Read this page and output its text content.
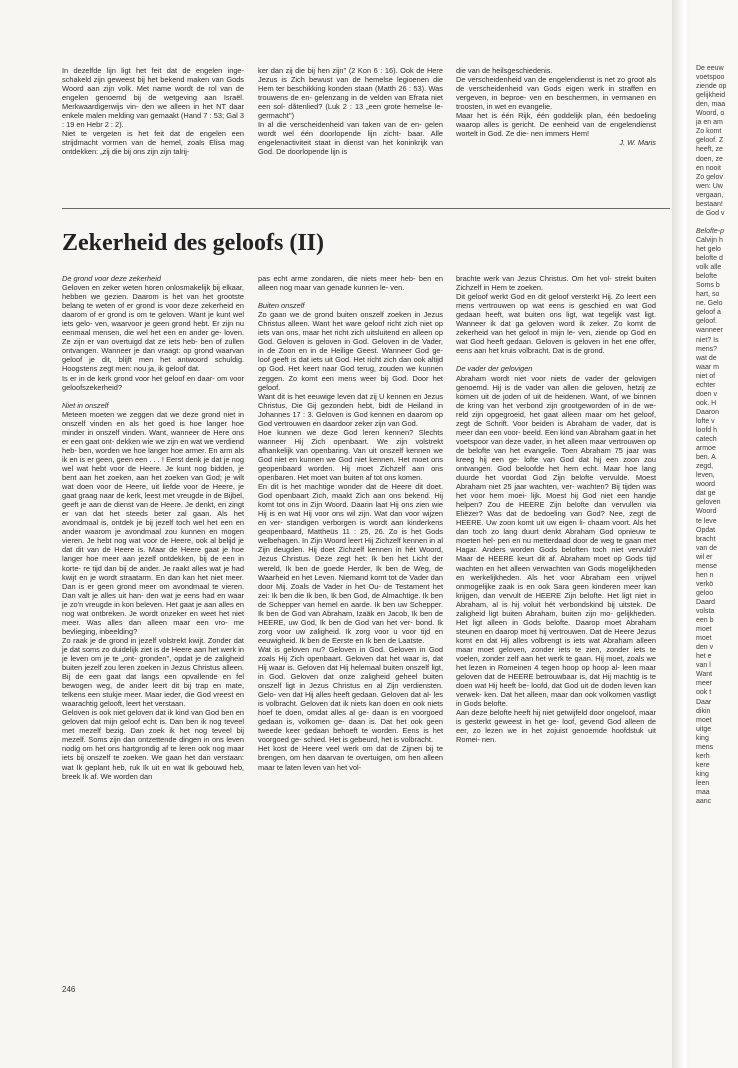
In dezelfde lijn ligt het feit dat de engelen inge- schakeld zijn geweest bij het bekend maken van Gods Woord aan zijn volk. Met name wordt de rol van de engelen genoemd bij de wetgeving aan Israël. Merkwaardigerwijs vin- den we alleen in het NT daar enkele malen melding van gemaakt (Hand 7 : 53; Gal 3 : 19 en Hebr 2 : 2).

Niet te vergeten is het feit dat de engelen een strijdmacht vormen van de hemel, zoals Elisa mag ontdekken: „zij die bij ons zijn zijn talrij-

ker dan zij die bij hen zijn'' (2 Kon 6 : 16). Ook de Here Jezus is Zich bewust van de hemelse legioenen die Hem ter beschikking konden staan (Matth 26 : 53). Was trouwens de en- gelenzang in de velden van Efrata niet een sol- dătenlied? (Luk 2 : 13 „een grote hemelse le- germacht'')

In al die verscheidenheid van taken van de en- gelen wordt wel één doorlopende lijn zicht- baar. Alle engelenactiviteit staat in dienst van het koninkrijk van God. De doorlopende lijn is

die van de heilsgeschiedenis.

De verscheidenheid van de engelendienst is net zo groot als de verscheidenheid van Gods eigen werk in straffen en vergeven, in beproe- ven en beschermen, in vermanen en troosten, in wet en evangelie.

Maar het is één Rijk, één goddelijk plan, één bedoeling waarop alles is gericht. De eenheid van de engelendienst wortelt in God. Ze die- nen immers Hem!

J. W. Maris

Zekerheid des geloofs (II)

De grond voor deze zekerheid

Geloven en zeker weten horen onlosmakelijk bij elkaar, hebben we gezien. Daarom is het van het grootste belang te weten of er grond is voor deze zekerheid en daarom of er grond is om te geloven. Want je kunt wel iets gelo- ven, waarvoor je geen grond hebt. Er zijn nu eenmaal mensen, die wel het een en ander ge- loven. Ze zijn er van overtuigd dat ze iets heb- ben of zullen ontvangen. Wanneer je dan vraagt: op grond waarvan geloof je dit, blijft men het antwoord schuldig. Hoogstens zegt men: nou ja, ik geloof dat.

Is er in de kerk grond voor het geloof en daar- om voor geloofszekerheid?

Niet in onszelf

Meteen moeten we zeggen dat we deze grond niet in onszelf vinden en als het goed is hoe langer hoe minder in onszelf vinden. Want, wanneer de Here ons er een gaat ont- dekken wie we zijn en wat we verdiend heb- ben, worden we hoe langer hoe armer. En arm als ik en is er geen, geen een . . . ! Eerst denk je dat je nog wel wat hebt voor de Heere. Je kunt nog bidden, je bent aan het zoeken, aan het zoeken van God; je wilt wat doen voor de Heere, uit liefde voor de Heere, je gaat graag naar de kerk, leest met vreugde in de Bijbel, geeft je aan de dienst van de Heere. Je denkt, en zingt er van dat het steeds beter zal gaan. Als het avondmaal is, ontdek je bij jezelf toch wel het een en ander waarom je avondmaal zou kunnen en mogen vieren. Je hebt nog wat voor de Heere, ook al belijd je dat dit van de Heere is. Maar de Heere gaat je hoe langer hoe meer aan jezelf ontdekken, bij de een in korte- re tijd dan bij de ander. Je raakt alles wat je had kwijt en je wordt straatarm. En dan kan het niet meer. Dan is er geen grond meer om avondmaal te vieren. Dan valt je alles uit han- den wat je eens had en waar je zo'n vreugde in kon beleven. Het gaat je aan alles en nog wat ontbreken. Je wordt onzeker en weet het niet meer. Was alles dan alleen maar een vro- me bevlieging, inbeelding?

Zo raak je de grond in jezelf volstrekt kwijt. Zonder dat je dat soms zo duidelijk ziet is de Heere aan het werk in je leven om je te „ont- gronden'', opdat je de zaligheid buiten jezelf zou leren zoeken in Jezus Christus alleen. Bij de een gaat dat langs een opvallende en fel bewogen weg, de ander leert dit bij trap en mate, telkens een stukje meer. Maar ieder, die God vreest en waarachtig gelooft, leert het verstaan.

Geloven is ook niet geloven dat ik kind van God ben en geloven dat mijn geloof echt is. Dan ben ik nog teveel met mezelf bezig. Dan zoek ik het nog teveel bij mezelf. Soms zijn dan ontzettende dingen in ons leven nodig om het ons hartgrondig af te leren ook nog maar iets bij onszelf te zoeken. We gaan het dan verstaan: wat Ik geplant heb, ruk Ik uit en wat Ik gebouwd heb, breek Ik af. We worden dan

pas echt arme zondaren, die niets meer heb- ben en alleen nog maar van genade kunnen le- ven.

Buiten onszelf

Zo gaan we de grond buiten onszelf zoeken in Jezus Christus alleen. Want het ware geloof richt zich niet op iets van ons, maar het richt zich uitsluitend en alleen op God. Geloven is geloven in God. Geloven in de Vader, in de Zoon en in de Heilige Geest. Wanneer God ge- loof geeft is dat iets uit God. Het richt zich dan ook altijd op God. Het keert naar God terug, zouden we kunnen zeggen. Zo komt een mens weer bij God. Door het geloof.

Want dit is het eeuwige leven dat zij U kennen en Jezus Christus, Die Gij gezonden hebt, bidt de Heiland in Johannes 17 : 3. Geloven is God kennen en daarom op God vertrouwen en daardoor zeker zijn van God.

Hoe kunnen we deze God leren kennen? Slechts wanneer Hij Zich openbaart. We zijn volstrekt afhankelijk van openbaring. Van uit onszelf kennen we God niet en kunnen we God niet kennen. Het moet ons geopenbaard worden. Hij moet Zichzelf aan ons openbaren. Het moet van buiten af tot ons komen.

En dit is het machtige wonder dat de Heere dit doet. God openbaart Zich, maakt Zich aan ons bekend. Hij komt tot ons in Zijn Woord. Daarin laat Hij ons zien wie Hij is en wat Hij voor ons wil zijn. Wat dan voor wijzen en ver- standigen verborgen is wordt aan kinderkens geopenbaard, Mattheüs 11 : 25, 26. Zo is het Gods welbehagen. In Zijn Woord leert Hij Zichzelf kennen in al Zijn deugden. Hij doet Zichzelf kennen in hét Woord, Jezus Christus. Deze zegt het: Ik ben het Licht der wereld, Ik ben de goede Herder, Ik ben de Weg, de Waarheid en het Leven. Niemand komt tot de Vader dan door Mij. Zoals de Vader in het Ou- de Testament het zei: Ik ben die Ik ben, Ik ben God, de Almachtige. Ik ben de Schepper van hemel en aarde. Ik ben uw Schepper. Ik ben de God van Abraham, Izaäk en Jacob, Ik ben de HEERE, uw God, Ik ben de God van het ver- bond. Ik zorg voor uw zaligheid. Ik zorg voor u voor tijd en eeuwigheid. Ik ben de Eerste en Ik ben de Laatste.

Wat is geloven nu? Geloven in God. Geloven in God zoals Hij Zich openbaart. Geloven dat het waar is, dat Hij waar is. Geloven dat Hij helemaal buiten onszelf ligt, in God. Geloven dat onze zaligheid geheel buiten onszelf ligt in Jezus Christus en al Zijn verdiensten. Gelo- ven dat Hij alles heeft gedaan. Geloven dat al- les is volbracht. Geloven dat ik niets kan doen en ook niets hoef te doen, omdat alles al ge- daan is en voorgoed gedaan is, volkomen ge- daan is. Dat het ook geen tweede keer gedaan behoeft te worden. Eens is het voorgoed ge- schied. Het is gebeurd, het is volbracht.

Het kost de Heere veel werk om dat de Zijnen bij te brengen, om hen daarvan te overtuigen, om hen alleen maar te laten leven van het vol-

brachte werk van Jezus Christus. Om het vol- strekt buiten Zichzelf in Hem te zoeken.

Dit geloof werkt God en dit geloof versterkt Hij. Zo leert een mens vertrouwen op wat eens is geschied en wat God gedaan heeft, wat buiten ons ligt, wat tegelijk vast ligt. Wanneer ik dat ga geloven word ik zeker. Zo komt de zekerheid van het geloof in mijn le- ven, ziende op God en wat God heeft gedaan. Geloven is geloven in het ene offer, eens aan het kruis volbracht. Dat is de grond.

De vader der gelovigen

Abraham wordt niet voor niets de vader der gelovigen genoemd. Hij is de vader van allen die geloven, hetzij ze komen uit de joden of uit de heidenen. Want, of we binnen de kring van het verbond zijn grootgeworden of in de we- reld zijn opgegroeid, het gaat alleen maar om het geloof, zegt de Schrift. Voor beiden is Abraham de vader, dat is meer dan een voor- beeld. Een kind van Abraham gaat in het voetspoor van deze vader, in het alleen maar vertrouwen op de belofte van het evangelie. Toen Abraham 75 jaar was kreeg hij een ge- lofte van God dat hij een zoon zou ontvangen. God beloofde het hem echt. Maar hoe lang duurde het voordat God Zijn belofte vervulde. Moest Abraham niet 25 jaar wachten, ver- wachten? Bij tijden was het voor hem moei- lijk. Moest hij God niet een handje helpen? Zou de HEERE Zijn belofte dan vervullen via Eliëzer? Was dat de bedoeling van God? Nee, zegt de HEERE. Uw zoon komt uit uw eigen li- chaam voort. Als het dan toch zo lang duurt denkt Abraham God opnieuw te moeten hel- pen en nu metterdaad door de weg te gaan met Hagar. Anders worden Gods beloften toch niet vervuld? Maar de HEERE keurt dit af. Abraham moet op Gods tijd wachten en het alleen verwachten van Gods mogelijkheden en werkelijkheden. Als het voor Abraham een vrijwel onmogelijke zaak is en ook Sara geen kinderen meer kan krijgen, dan vervult de HEERE Zijn belofte. Het ligt niet in Abraham, al is hij voluit hét verbondskind bij uitstek. De zaligheid ligt buiten Abraham, buiten zijn mo- gelijkheden. Het ligt alleen in Gods belofte. Daarop moet Abraham steunen en daarop moet hij vertrouwen. Dat de Heere Jezus komt en dat Hij alles volbrengt is iets wat Abraham alleen maar moet geloven, zonder iets te zien, zonder iets te voelen, zonder zelf aan het werk te gaan. Hij moet, zoals we het lezen in Romeinen 4 tegen hoop op hoop al- leen maar geloven dat de HEERE betrouwbaar is, dat Hij machtig is te doen wat Hij heeft be- loofd, dat God uit de doden leven kan verwek- ken. Dat het alleen, maar dan ook volkomen vastligt in Gods belofte.

Aan deze belofte heeft hij niet getwijfeld door ongeloof, maar is gesterkt geweest in het ge- loof, gevend God alleen de eer, zo lezen we in het zojuist genoemde hoofdstuk uit Romei- nen.

246
De eeuw
voetspoo
ziende op
gelijkheid
den, maa
Woord, o
ja en am
Zo komt
geloof. Z
heeft, ze
doen, ze
en nooit
Zo gelov
wen: Uw
vergaan,
bestaan!
de God v
Belofte-p
Calvijn h
het gelo
belofte d
volk alle
belofte
Soms b
hart, so
ne. Gelo
geloof a
geloof.
wanneer
niet? Is
mens?
wat de
waar m
niet of
echter
doen v
ook. H
Daaron
lofte v
loofd h
catech
armoe
ben. A
zegd,
leven,
woord
dat ge
geloven
Woord
te leve
Opdat
bracht
van de
wil er
mense
hen n
verkö
geloo
Daard
volsta
een b
moet
moet
den v
het e
van l
Want
meer
ook t
Daar
dikin
moet
uitge
king
mens
kerh
kere
king
leen
maa
aanc
